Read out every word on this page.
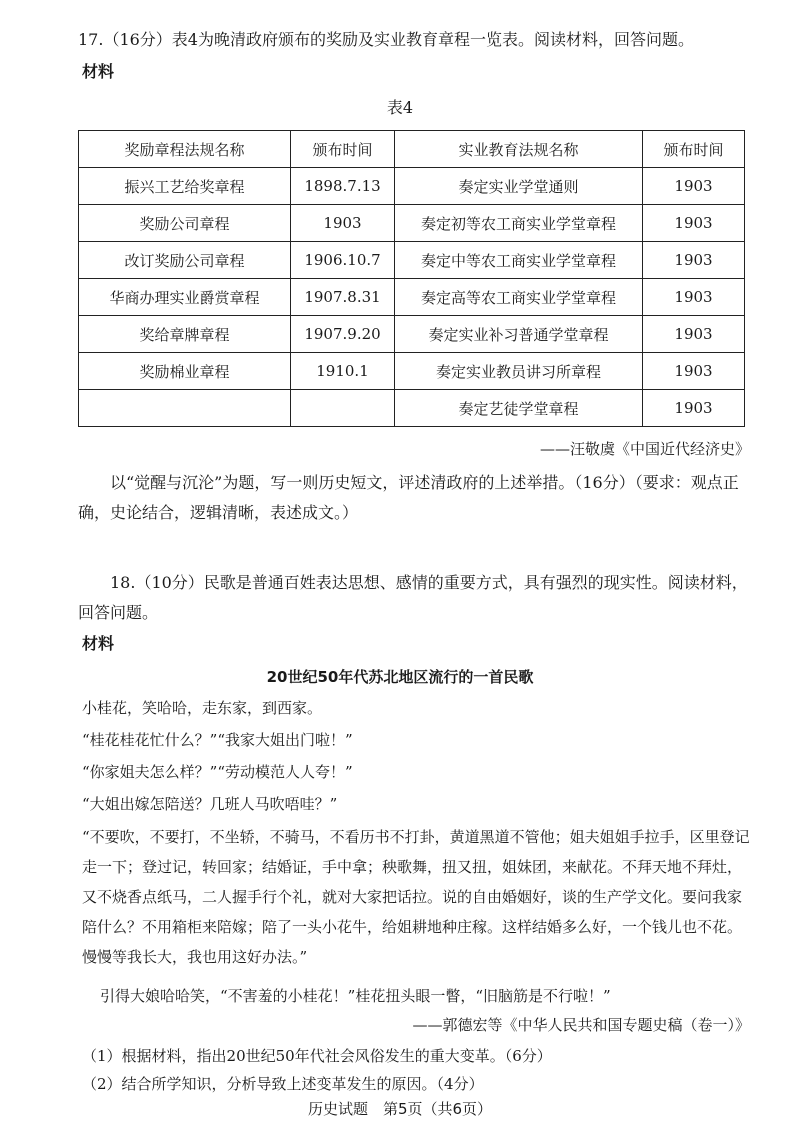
17.（16分）表4为晚清政府颁布的奖励及实业教育章程一览表。阅读材料，回答问题。
材料
表4
奖励章程法规名称	颁布时间	实业教育法规名称	颁布时间
振兴工艺给奖章程	1898.7.13	奏定实业学堂通则	1903
奖励公司章程	1903	奏定初等农工商实业学堂章程	1903
改订奖励公司章程	1906.10.7	奏定中等农工商实业学堂章程	1903
华商办理实业爵赏章程	1907.8.31	奏定高等农工商实业学堂章程	1903
奖给章牌章程	1907.9.20	奏定实业补习普通学堂章程	1903
奖励棉业章程	1910.1	奏定实业教员讲习所章程	1903
		奏定艺徒学堂章程	1903
——汪敬虞《中国近代经济史》
以“觉醒与沉沦”为题，写一则历史短文，评述清政府的上述举措。（16分）（要求：观点正确，史论结合，逻辑清晰，表述成文。）
18.（10分）民歌是普通百姓表达思想、感情的重要方式，具有强烈的现实性。阅读材料，回答问题。
材料
20世纪50年代苏北地区流行的一首民歌
小桂花，笑哈哈，走东家，到西家。
“桂花桂花忙什么？”“我家大姐出门啦！”
“你家姐夫怎么样？”“劳动模范人人夸！”
“大姐出嫁怎陪送？几班人马吹唔哇？”
“不要吹，不要打，不坐轿，不骑马，不看历书不打卦，黄道黑道不管他；姐夫姐姐手拉手，区里登记走一下；登过记，转回家；结婚证，手中拿；秧歌舞，扭又扭，姐妹团，来献花。不拜天地不拜灶，又不烧香点纸马，二人握手行个礼，就对大家把话拉。说的自由婚姻好，谈的生产学文化。要问我家陪什么？不用箱柜来陪嫁；陪了一头小花牛，给姐耕地种庄稼。这样结婚多么好，一个钱儿也不花。慢慢等我长大，我也用这好办法。”
引得大娘哈哈笑，“不害羞的小桂花！”桂花扭头眼一瞥，“旧脑筋是不行啦！”
——郭德宏等《中华人民共和国专题史稿（卷一）》
（1）根据材料，指出20世纪50年代社会风俗发生的重大变革。（6分）
（2）结合所学知识，分析导致上述变革发生的原因。（4分）
历史试题　第5页（共6页）
